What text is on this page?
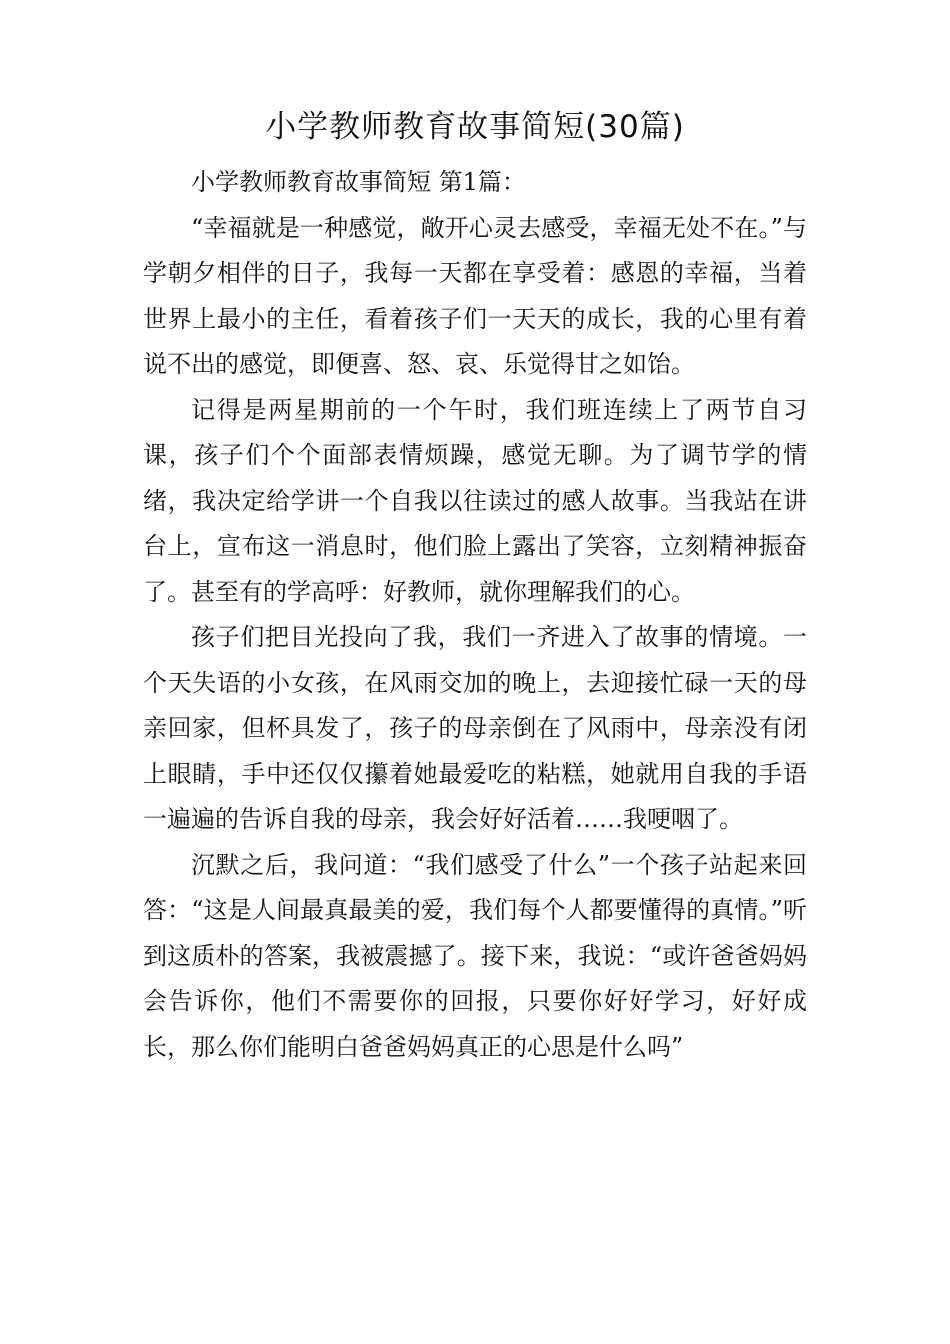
小学教师教育故事简短(30篇)

小学教师教育故事简短 第1篇：

“幸福就是一种感觉，敞开心灵去感受，幸福无处不在。”与学朝夕相伴的日子，我每一天都在享受着：感恩的幸福，当着世界上最小的主任，看着孩子们一天天的成长，我的心里有着说不出的感觉，即便喜、怒、哀、乐觉得甘之如饴。

记得是两星期前的一个午时，我们班连续上了两节自习课，孩子们个个面部表情烦躁，感觉无聊。为了调节学的情绪，我决定给学讲一个自我以往读过的感人故事。当我站在讲台上，宣布这一消息时，他们脸上露出了笑容，立刻精神振奋了。甚至有的学高呼：好教师，就你理解我们的心。

孩子们把目光投向了我，我们一齐进入了故事的情境。一个天失语的小女孩，在风雨交加的晚上，去迎接忙碌一天的母亲回家，但杯具发了，孩子的母亲倒在了风雨中，母亲没有闭上眼睛，手中还仅仅攥着她最爱吃的粘糕，她就用自我的手语一遍遍的告诉自我的母亲，我会好好活着……我哽咽了。

沉默之后，我问道：“我们感受了什么”一个孩子站起来回答：“这是人间最真最美的爱，我们每个人都要懂得的真情。”听到这质朴的答案，我被震撼了。接下来，我说：“或许爸爸妈妈会告诉你，他们不需要你的回报，只要你好好学习，好好成长，那么你们能明白爸爸妈妈真正的心思是什么吗”
